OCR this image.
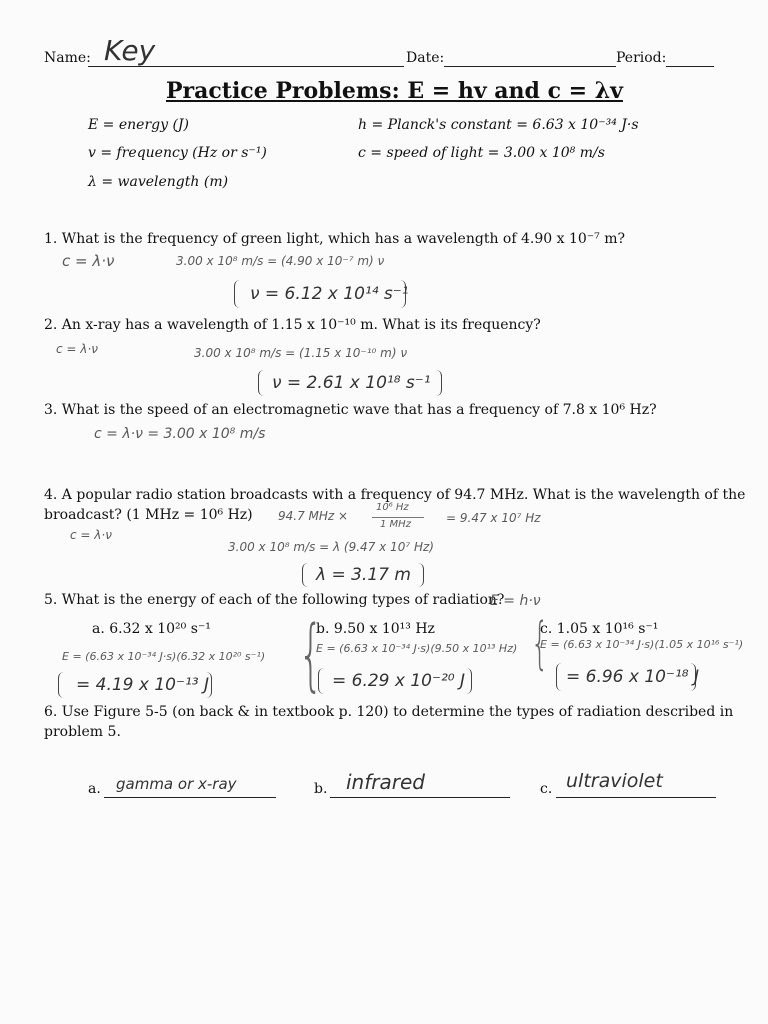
Name: Key	Date:	Period:
Practice Problems: E = hv and c = λv
E = energy (J)
v = frequency (Hz or s⁻¹)
λ = wavelength (m)
h = Planck's constant = 6.63 x 10⁻³⁴ J·s
c = speed of light = 3.00 x 10⁸ m/s
1. What is the frequency of green light, which has a wavelength of 4.90 x 10⁻⁷ m?
c = λ·ν	3.00 x 10⁸ m/s = (4.90 x 10⁻⁷ m) ν
ν = 6.12 x 10¹⁴ s⁻¹
2. An x-ray has a wavelength of 1.15 x 10⁻¹⁰ m. What is its frequency?
c = λ·ν	3.00 x 10⁸ m/s = (1.15 x 10⁻¹⁰ m) ν
ν = 2.61 x 10¹⁸ s⁻¹
3. What is the speed of an electromagnetic wave that has a frequency of 7.8 x 10⁶ Hz?
c = λ·ν = 3.00 x 10⁸ m/s
4. A popular radio station broadcasts with a frequency of 94.7 MHz. What is the wavelength of the
broadcast? (1 MHz = 10⁶ Hz) 94.7 MHz ×
10⁶ Hz
1 MHz	= 9.47 x 10⁷ Hz
c = λ·ν
3.00 x 10⁸ m/s = λ (9.47 x 10⁷ Hz)
λ = 3.17 m
5. What is the energy of each of the following types of radiation?
E = h·ν
a. 6.32 x 10²⁰ s⁻¹	b. 9.50 x 10¹³ Hz	c. 1.05 x 10¹⁶ s⁻¹
{	{
E = (6.63 x 10⁻³⁴ J·s)(6.32 x 10²⁰ s⁻¹)
E = (6.63 x 10⁻³⁴ J·s)(9.50 x 10¹³ Hz) E = (6.63 x 10⁻³⁴ J·s)(1.05 x 10¹⁶ s⁻¹)
= 4.19 x 10⁻¹³ J	= 6.29 x 10⁻²⁰ J	= 6.96 x 10⁻¹⁸ J
6. Use Figure 5-5 (on back & in textbook p. 120) to determine the types of radiation described in
problem 5.
a. gamma or x-ray	b. infrared	c. ultraviolet
